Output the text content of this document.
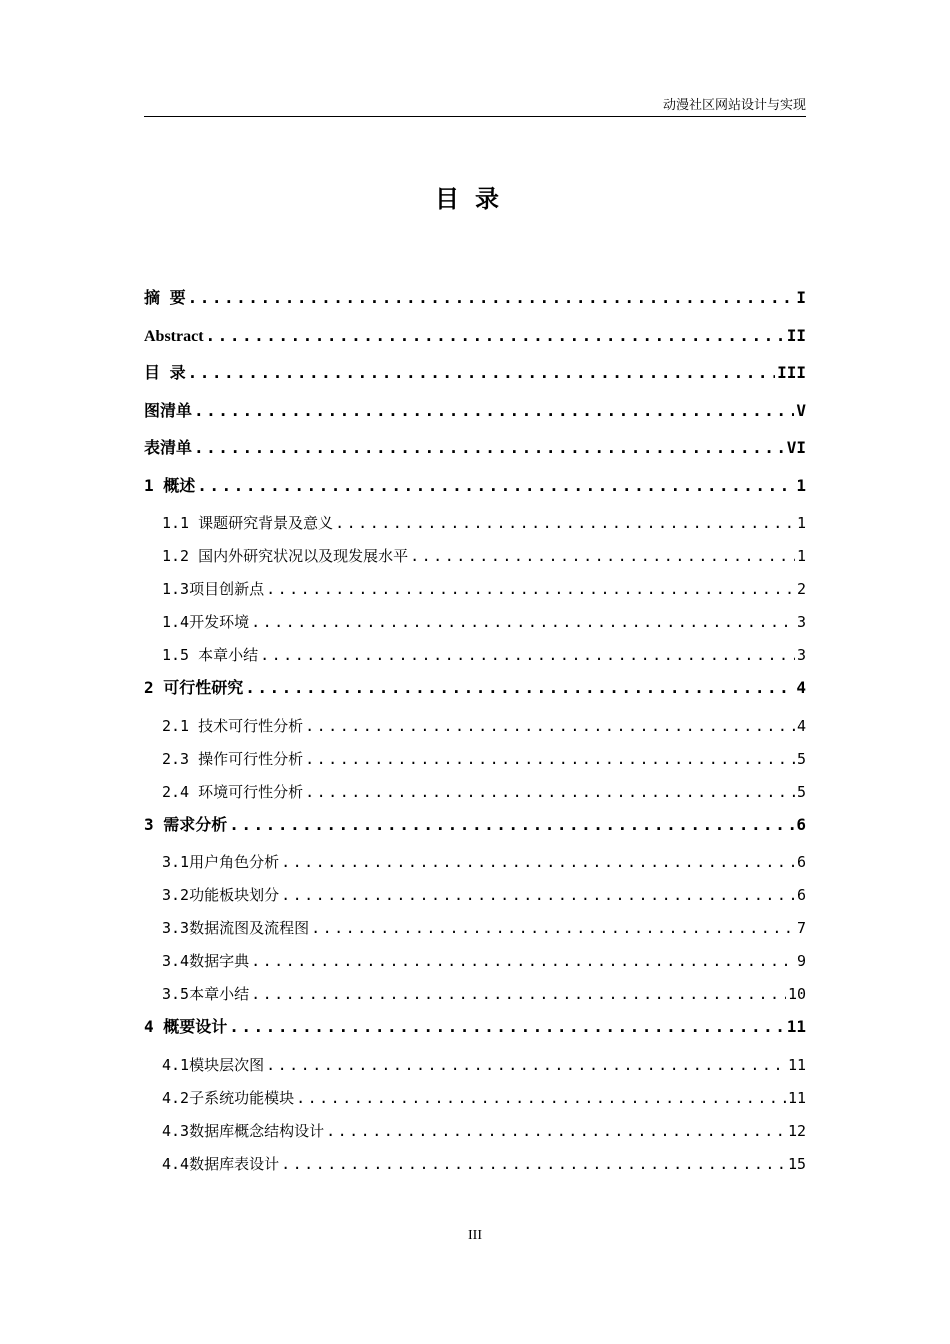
动漫社区网站设计与实现
目录
摘 要 .....	I
Abstract .....	II
目 录 .....	III
图清单 .....	V
表清单 .....	VI
1 概述 .....	1
1.1 课题研究背景及意义 .....	1
1.2 国内外研究状况以及现发展水平 .....	1
1.3项目创新点 .....	2
1.4开发环境 .....	3
1.5 本章小结 .....	3
2 可行性研究 .....	4
2.1 技术可行性分析 .....	4
2.3 操作可行性分析 .....	5
2.4 环境可行性分析 .....	5
3 需求分析 .....	6
3.1用户角色分析 .....	6
3.2功能板块划分 .....	6
3.3数据流图及流程图 .....	7
3.4数据字典 .....	9
3.5本章小结 .....	10
4 概要设计 .....	11
4.1模块层次图 .....	11
4.2子系统功能模块 .....	11
4.3数据库概念结构设计 .....	12
4.4数据库表设计 .....	15
III
